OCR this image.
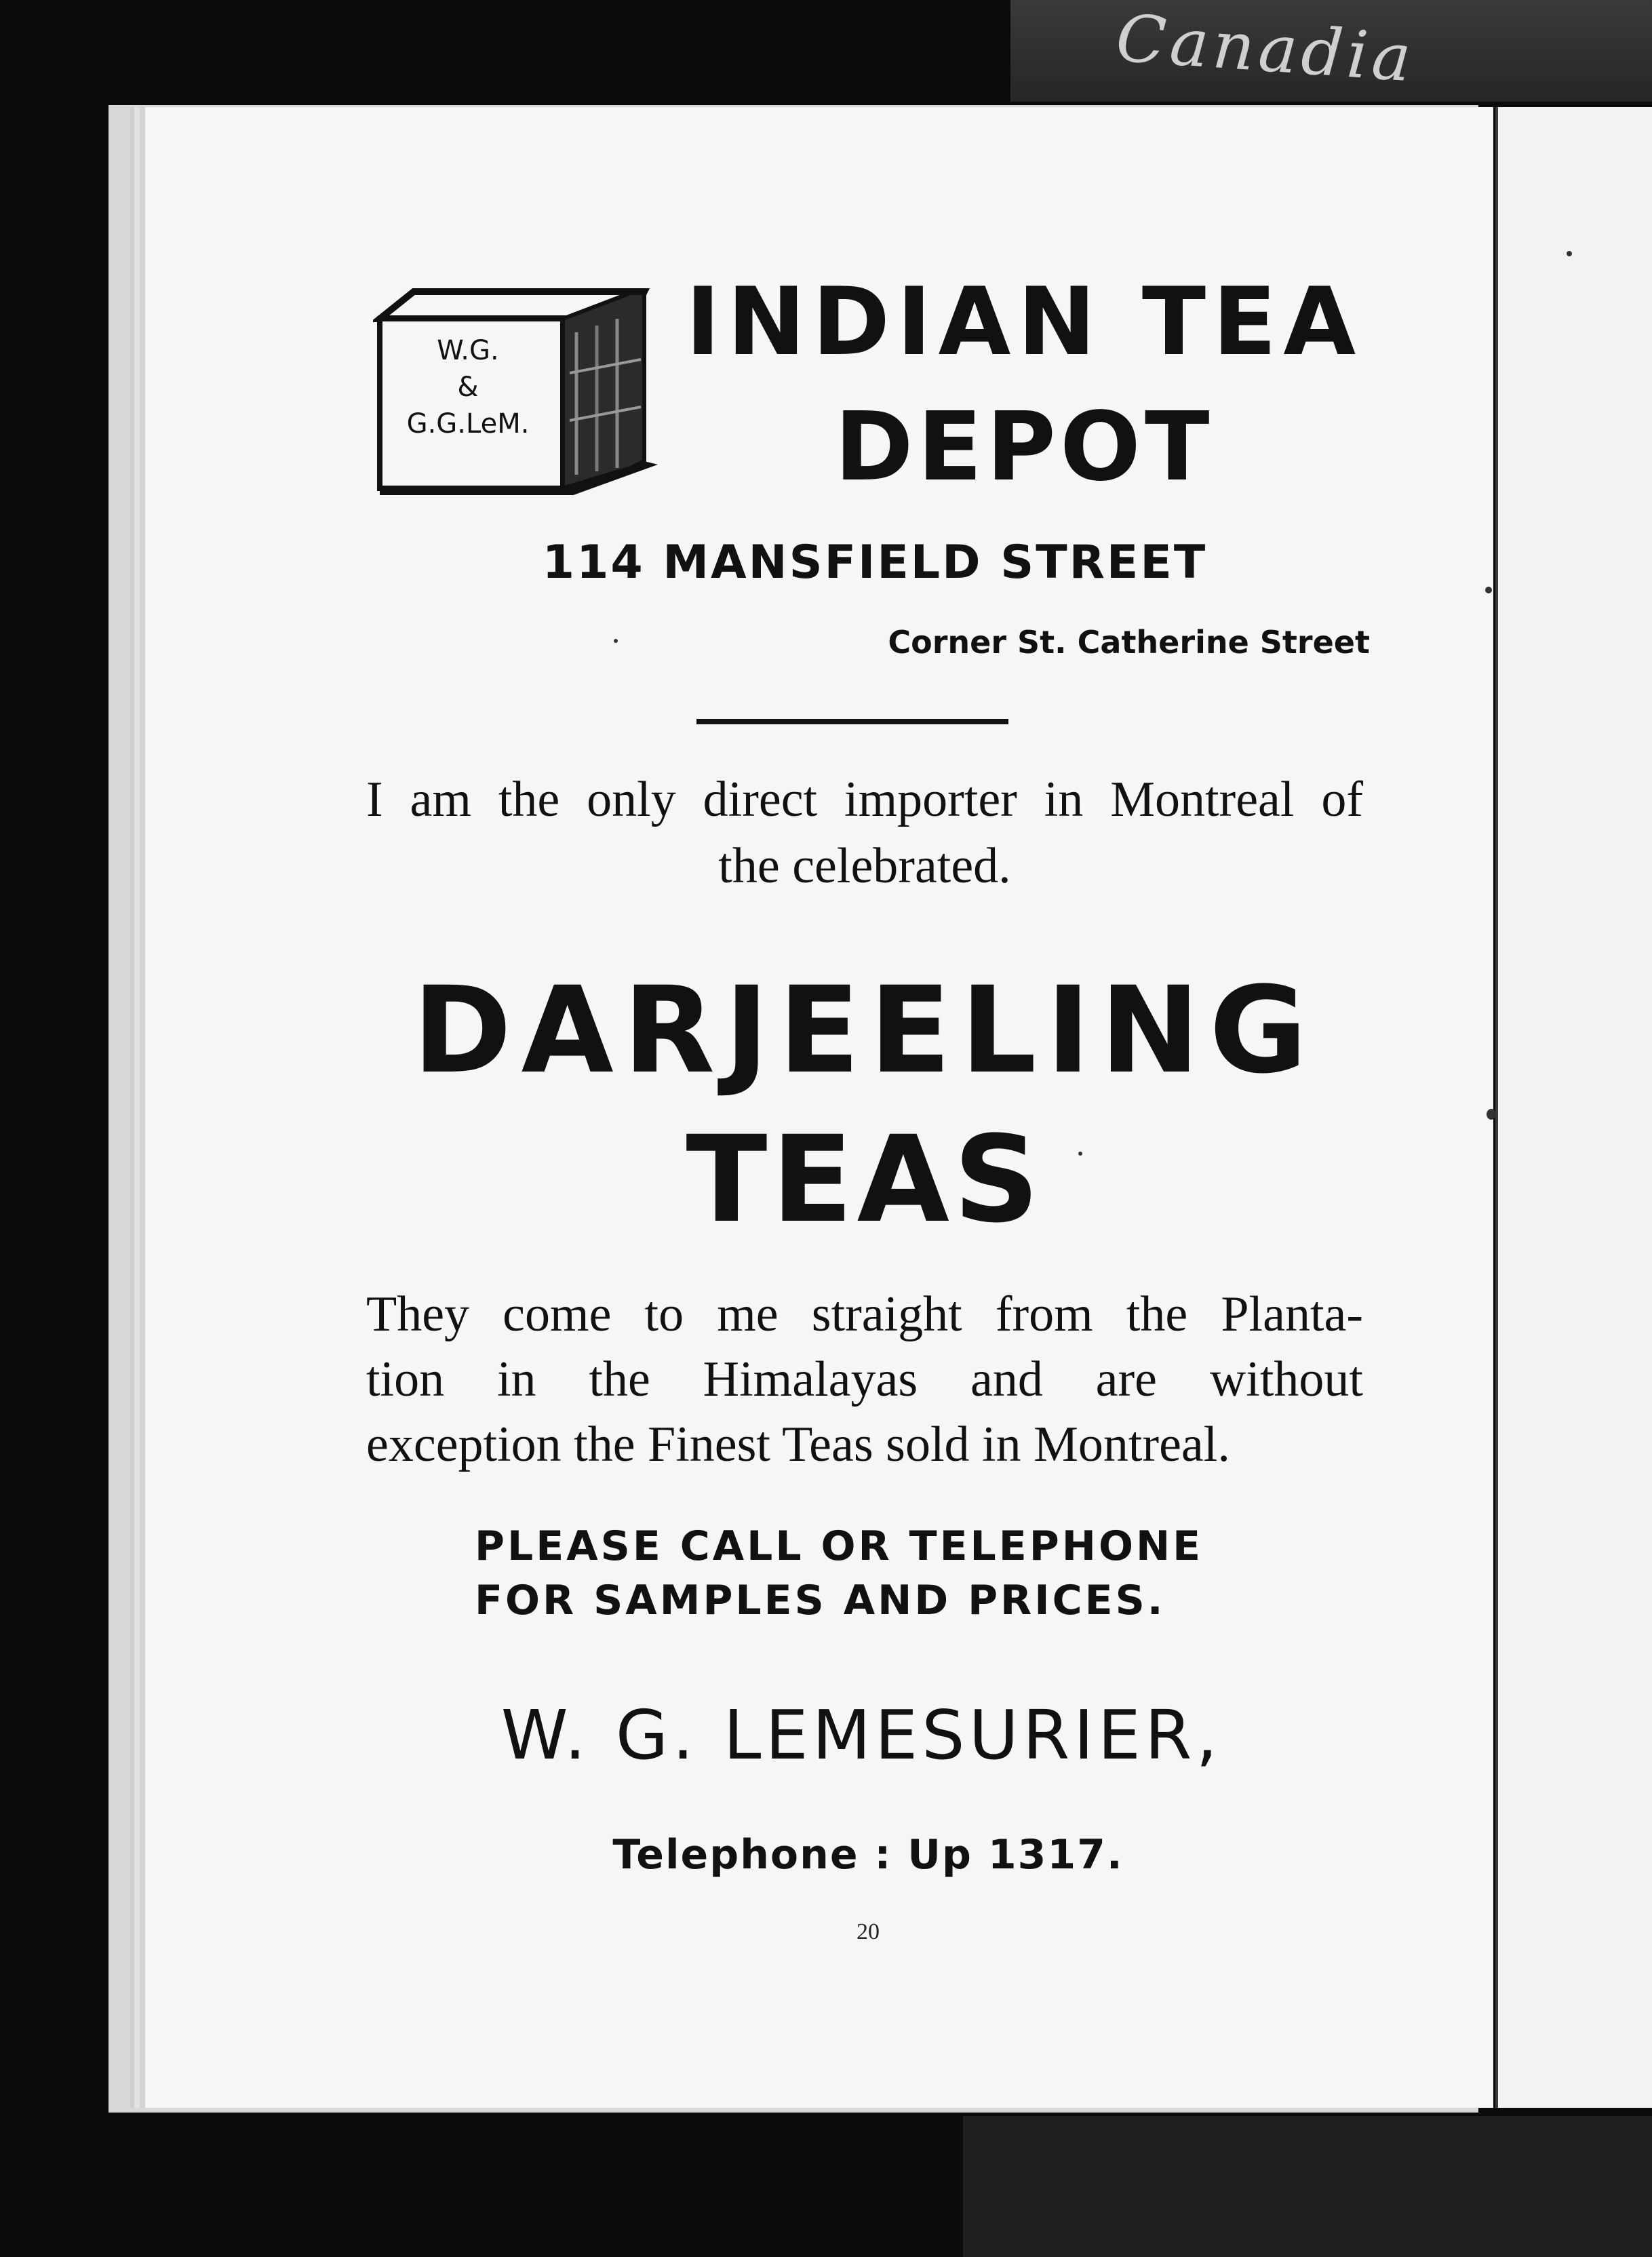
Canadia
W.G.
&
G.G.LeM.
INDIAN TEA
DEPOT
114 MANSFIELD STREET
Corner St. Catherine Street
I am the only direct importer in Montreal of
the celebrated.
DARJEELING
TEAS
They come to me straight from the Planta-
tion in the Himalayas and are without
exception the Finest Teas sold in Montreal.
PLEASE CALL OR TELEPHONE
FOR SAMPLES AND PRICES.
W. G. LEMESURIER,
Telephone : Up 1317.
20
